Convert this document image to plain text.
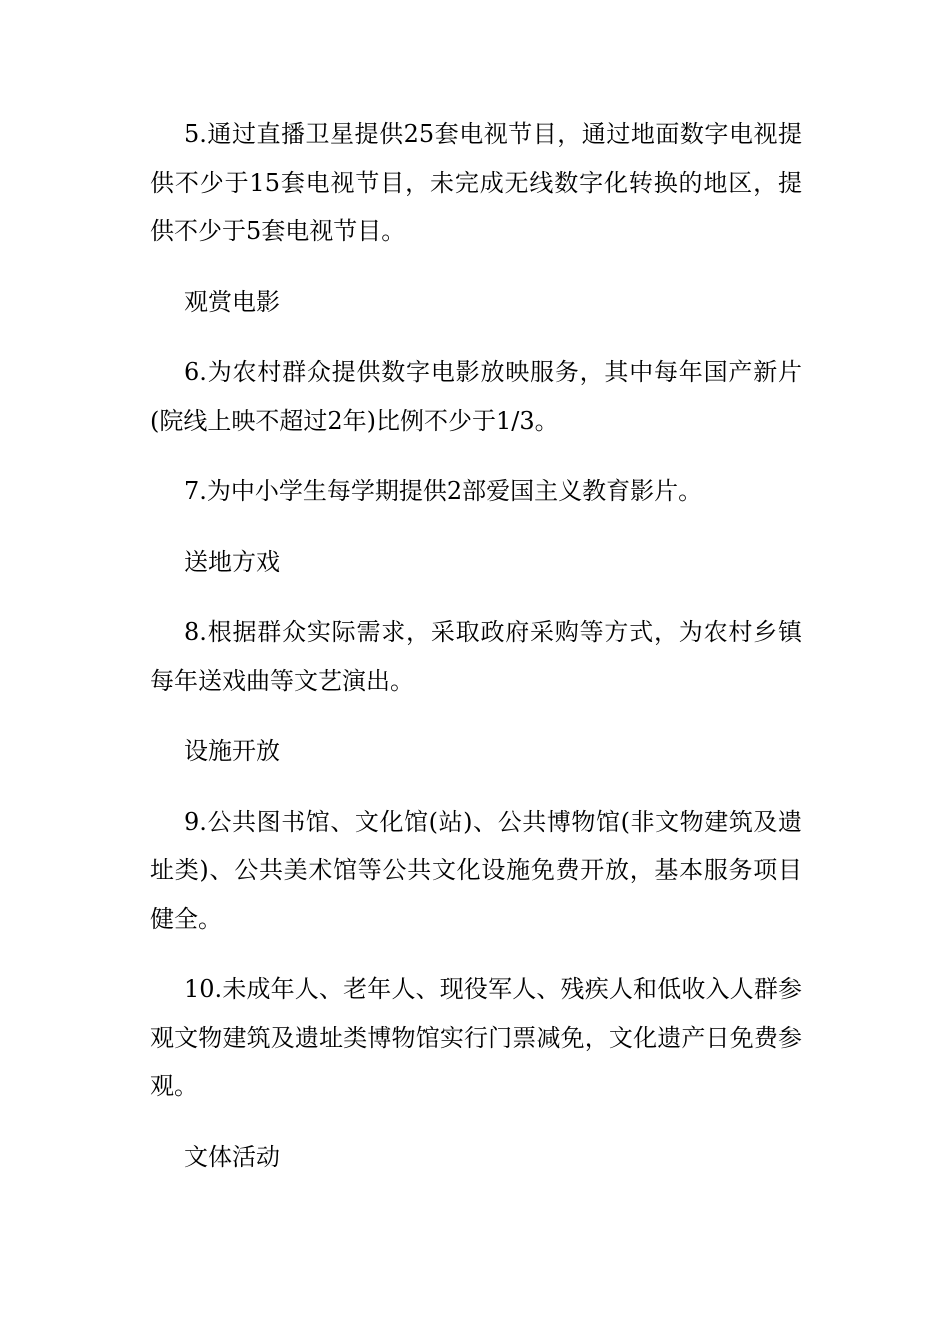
5.通过直播卫星提供25套电视节目，通过地面数字电视提供不少于15套电视节目，未完成无线数字化转换的地区，提供不少于5套电视节目。

观赏电影

6.为农村群众提供数字电影放映服务，其中每年国产新片(院线上映不超过2年)比例不少于1/3。

7.为中小学生每学期提供2部爱国主义教育影片。

送地方戏

8.根据群众实际需求，采取政府采购等方式，为农村乡镇每年送戏曲等文艺演出。

设施开放

9.公共图书馆、文化馆(站)、公共博物馆(非文物建筑及遗址类)、公共美术馆等公共文化设施免费开放，基本服务项目健全。

10.未成年人、老年人、现役军人、残疾人和低收入人群参观文物建筑及遗址类博物馆实行门票减免，文化遗产日免费参观。

文体活动
